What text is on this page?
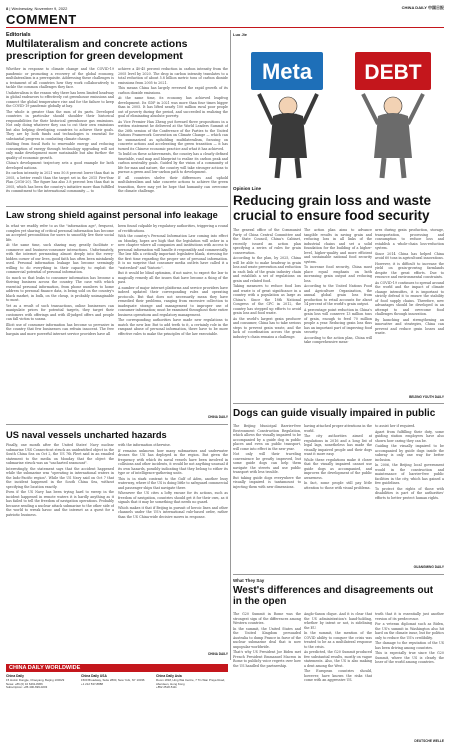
8 | Wednesday, November 9, 2022	CHINA DAILY 中国日报
COMMENT
Editorials
Multilateralism and concrete actions prescription for green development

Whether in response to climate change and the COVID-19 pandemic or promoting a recovery of the global economy, multilateralism is a prerequisite. Addressing these challenges is a testament of all countries how they work collaboratively to tackle the common challenges they face.

Unilateralism is the reason why there has been limited headway in global endeavors to effectively cut greenhouse emissions and connect the global temperature rise and for the failure to keep the COVID-19 pandemic globally at bay.

The whole is greater than the sum of its parts. Developed countries in particular should shoulder their historical responsibilities for their historical greenhouse gas emissions. Not only doing whatever they can to cut their own emissions but also helping developing countries to achieve their goals. They are by both funds and technologies is essential for substantial progress in combating climate change.

Shifting from fossil fuels to renewable energy and reducing consumption of energy through technology upgrading will not only make development more sustainable but also further the quality of economic growth.

China's development trajectory sets a good example for both developed nations.

Its carbon intensity in 2021 was 50.8 percent lower than that in 2005, a better result than the target set in the 2015 Five-Year Plan (2016-20). The figure has also 3.8 percent less than that in 2005, which has been the country's initiative more than fulfilled its commitment to the international community — to

achieve a 40-45 percent reduction in carbon intensity from the 2005 level by 2020. The drop in carbon intensity translates to a total reduction of about 5.8 billion metric tons of carbon dioxide emissions from 2005 to 2021.

This means China has largely reversed the rapid growth of its carbon dioxide emissions.

At the same time, its economy has achieved leapfrog development. Its GDP in 2021 was more than four times bigger than in 2005. It has lifted nearly 100 million rural poor people out of poverty during the period, and succeeded in realizing the goal of eliminating absolute poverty.

As Vice Premier Han Zheng put forward three propositions in a written statement he delivered at the World Leaders Summit of the 26th session of the Conference of the Parties to the United Nations Framework Convention on Climate Change — which can be summarized as upholding multilateralism, focusing on concrete actions and accelerating the green transition — it has turned its Chinese economic practice and what it has achieved.

To build on these achievements, the country has a clearly defined timetable, road map and blueprint to realize its carbon peak and carbon neutrality goals. Guided by the vision of a community of life for man and nature, the country will take stronger actions to pursue a green and low-carbon path to development.

If all countries shelve their differences and uphold multilateralism and take concrete actions to achieve the green transition, there may yet be hope that humanity can overcome the climate challenge.

Luo Jie
Meta DEBT
Opinion Line
Reducing grain loss and waste crucial to ensure food security

The general office of the Communist Party of China Central Committee and the State Council, China's Cabinet, recently issued an action plan specifying a series of rules for grain conservation.

According to the plan, by 2025, China will be able to make headway in grain loss and waste prevention and reduction in each link of the grain industry chain and establish a set of regulations on grain and related food.

Taking measures to reduce food loss and waste is of great significance in a country with a population as large as China's. Since the 18th National Congress of the CPC in 2012, the country has stepped up efforts to avoid grain loss and food waste.

As the world's largest grain producer and consumer, China has to take serious steps to prevent grain waste, and the lack of coordination across the grain industry's chain remains a challenge.

The action plan aims to advance tangible results in saving grain and reducing loss in all links of the industrial chains and set a solid foundation for the building of a higher-level, higher-quality and more efficient and sustainable national food security system.

To increase food security, China must place equal emphasis on both increasing grain output and reducing loss.

According to the United Nations Food and Agriculture Organization, the annual global grain loss from production to retail accounts for about 14 percent of the world's grain output.

A percentage point reduction in China's grain loss will conserve 13 million tons of grain, enough to feed 70 million people a year. Reducing grain loss thus has an important part of improving food security.

According to the action plan, China will take comprehensive meas-

ures during grain production, storage, transportation, processing and consumption to reduce loss and establish a whole-chain loss-reduction system.

Since 2014 China has helped China avoid 60 tons in agricultural innovations.

However, it is difficult to increase the yield on grain-growing farmlands despite the great efforts. Due to resource and environmental constraints.

As COVID-19 continues to spread around the world and the impact of climate change intensifies, it is important to strictly defend it to ensure the stability of food supply chains. Therefore, new advantages should be developed in an attempt to and overcome food challenges through innovation.

By launching and strengthening an innovative and strategies, China can prevent and reduce grain losses and waste.

BEIJING YOUTH DAILY
Law strong shield against personal info leakage

In what we readily refer to as the "information age", frequent, complex yet sharing of critical personal information has become an accepted precondition for users to smoothly live their social life.

At the same time, such sharing may greatly facilitate e-commerce and business-consumer interactions. Unfortunately, with the internet permeating almost deeply into the every-hidden corner of our lives, good faith has often been mistakenly used. Personal information leakage has become seemingly willing to do everything in their capacity to exploit the commercial potential of personal information.

So much so that leaks to consumer information has become a thriving business across the country. The case with which essential personal information, from phone numbers to home address to personal finance data, is being sold on the country's black market, in bulk, on the cheap, is probably unimaginable to most.

Yet as a result of such transactions, online businesses can manipulate prices for potential targets, they target their customers with offerings and with ill-judged offers and people can fall victim to scams.

Illicit use of consumer information has become so pervasive in the country that few businesses can refrain innocent. The free bargain and more powerful internet service providers have all

been found culpable by regulatory authorities, triggering a round of rectifications.

With the country's Personal Information Law coming into effect on Monday, hopes are high that the legislation will usher in a new chapter where all companies and institutions with access to personal information will handle it responsibly and commercially. The law fills a critically important legislative blank, stressing for the first time regarding the proper use of personal information. It is no surprise that consumer media outlets have called it a "watershed" and "historic".

But it would be blind optimism, if not naive, to expect the law to magically remedy all the issues that have become a thing of the past.

A number of major internet platforms and service providers have indeed updated their corresponding rules and operating protocols. But that does not necessarily mean they have remedied their problems, ranging from excessive collection to inadequate storage and management to improper use of consumer information; must be examined throughout their entire business operations and regulatory management.

The corresponding authorities have made new regulations to match the new law. But to add teeth to it, a certainly role in the rampant abuse of personal information, there have to be more effective rules to make the principles of the law executable.

CHINA DAILY Dogs can guide visually impaired in public

The Beijing Municipal Barrier-free Environment Construction Regulation, which allows the visually impaired to be accompanied by a guide dog in public places and even on public transport, will come into effect in the new year.

Not only will their traveling convenience be greatly improved, but some guide dogs can help them navigate the streets and use public transport with less trouble.

But taking guide dogs everywhere the visually impaired is tantamount to injecting them with new dimensions.

having attached proper attentions in the world.

The city authorities aimed at regulations in 2016 and a long list of legal lags, nonetheless has made the visually impaired people and their dogs want it more easy.

While these regulations make it closer that the visually impaired cannot use guide dogs as accompanied, and improves the development of the public awareness.

In fact, some people still pay little attention to those with visual problems.

to assist her if required.

Apart from fulfilling their duty, some guiding station employees have also shown how caring they can be.

Guiding the visually impaired to be accompanied by guide dogs inside the subway is only one way for better inclusion.

In 2006, the Beijing local government would in the construction and maintenance of barrier-free public facilities in the city, which has gained a few guidelines.

To protect the rights of those with disabilities is part of the authorities' efforts to better protect human rights.

GUANGMING DAILY
US naval vessels uncharted hazards

Finally, one month after the United States' Navy nuclear submarine USS Connecticut struck an unidentified object in the South China Sea on Oct 2, the US 7th Fleet said in an emailed statement to the media on Monday that the object the submarine struck was an "uncharted seamount".

Interestingly, the statement says that the accident happened while the submarine was "operating in international waters in the Indo-Pacific region". While the US Navy said on Oct 7 that the incident happened in the South China Sea, without specifying the location exactly.

Even if the US Navy has been trying hard to sweep in the incident happened in remote waters it is hardly anything as it has failed to tell the freedom of navigation operations. Probably because sending a nuclear attack submarine to the other side of the world to wreak havoc and the internet as a quest for a patriotic business.

with the information otherwise.

If remains unknown how many submarines and underwater drones the US has deployed in the region. But given the frequency with which its naval vessels have been involved in collisions and other incidents, it would be not anything unusual if its own hazards, possibly indicating that they belong to either its type or of intelligence-gathering units.

This is in stark contrast to the Gulf of Aden, another busy waterway, where if the US is doing little to safeguard commercial and passenger ships that navigate there.

Whenever the US cites a lofty excuse for its actions, such as freedom of navigation, countries should get it for their own, as it signals that it may be something that needs no guard.

Which makes it that if Beijing in pursuit of heroic lines and other channels under the US's international rule-based order, rather than the US China-wide decisive moves in response.

CHINA DAILY
What They Say
West's differences and disagreements out in the open

The G20 Summit in Rome was the strongest sign of the differences among Western countries.

In the summit, the United States and the United Kingdom persuaded Australia to dump France in favor of the nuclear submarine deal that is now unpopular worldwide.

That's why US President Joe Biden met French President Emmanuel Macron in Rome to publicly voice regrets over how the US handled the partnership.

Anglo-Saxon clique. And it is clear that the US administration's hand-holding, whether by intent or not, is sidelining the EU.

In the summit, the mention of the COVID ability to conquer the crisis was treated to be as a multilateral response to the crisis.

As predicted, the G20 Summit produced few substantial results, mostly on vague statements. Also, the US is also making a dent among the West.

The European countries should, however, have known the risks that come with an aggressive US.

truth that it is essentially just another version of its predecessor.

For a veteran diplomat such as Biden, the US's summit in Washington also hit hard on the climate issue, but for politics only to reduce the US's credibility.

The damage to the reputation of the US has been driving among countries.

This is especially true since the G20 Summit, where the US is clearly the loser of the world among countries.

DEUTSCHE WELLE
CHINA DAILY WORLDWIDE
China Daily
15 Huixin Dongjie, Chaoyang, Beijing 100029
News: +86 (0) 10 6491-8366
Subscription: +86 400-699-0203
China Daily USA
1500 Broadway, Suite 2800, New York, NY 10036
+1 212 537-8888
China Daily Asia
Room 1818, Hing Wai Centre, 7 Tin Wan Praya Road, Aberdeen, Hong Kong
+852 2518-5111
